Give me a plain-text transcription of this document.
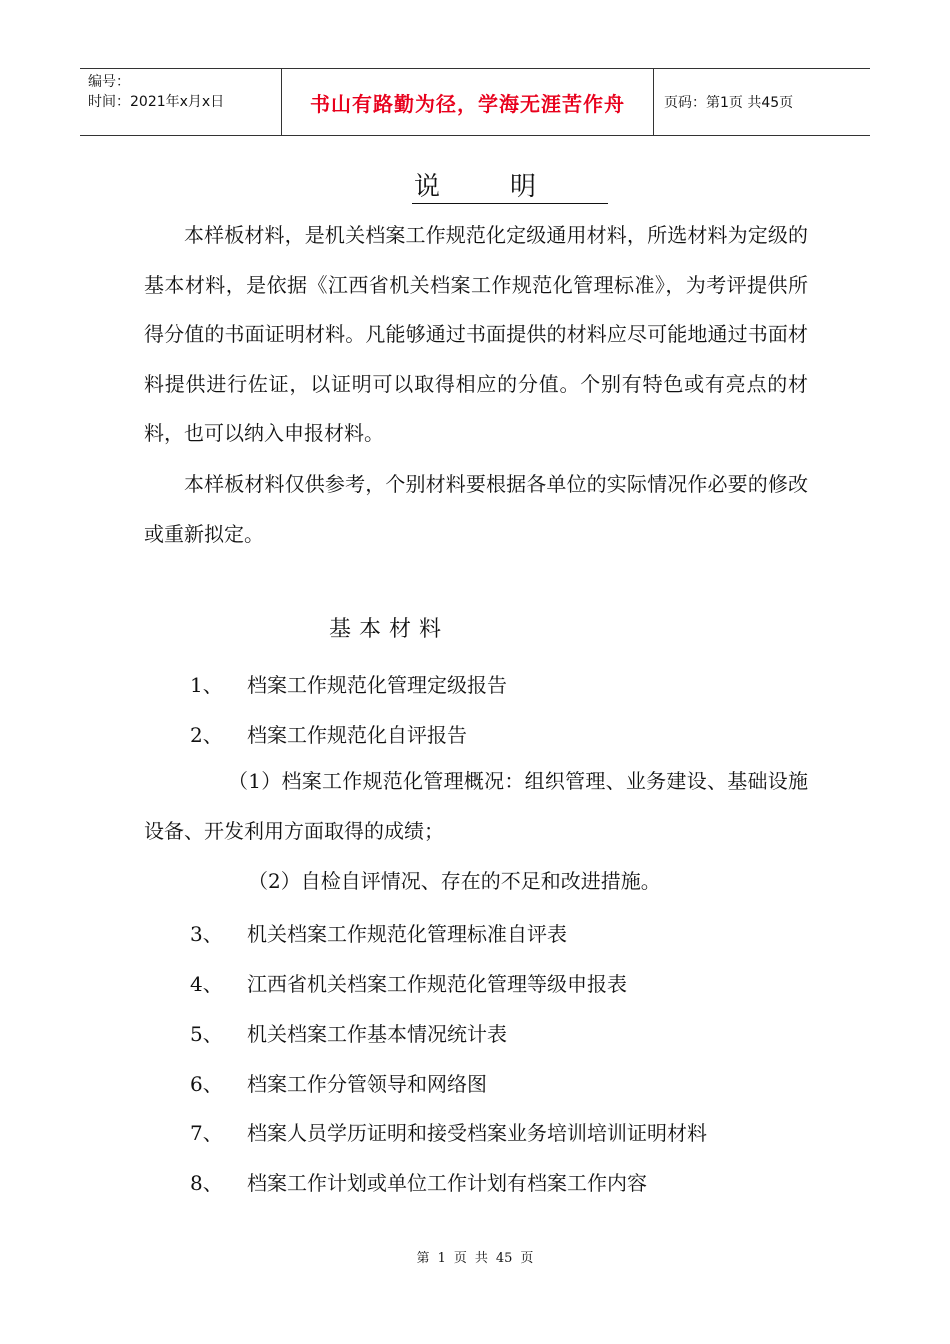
编号：
时间：2021年x月x日	书山有路勤为径，学海无涯苦作舟	页码：第1页 共45页
说明

本样板材料，是机关档案工作规范化定级通用材料，所选材料为定级的基本材料，是依据《江西省机关档案工作规范化管理标准》，为考评提供所得分值的书面证明材料。凡能够通过书面提供的材料应尽可能地通过书面材料提供进行佐证，以证明可以取得相应的分值。个别有特色或有亮点的材料，也可以纳入申报材料。

本样板材料仅供参考，个别材料要根据各单位的实际情况作必要的修改或重新拟定。

基本材料
1、 档案工作规范化管理定级报告
2、 档案工作规范化自评报告
（1）档案工作规范化管理概况：组织管理、业务建设、基础设施设备、开发利用方面取得的成绩；
（2）自检自评情况、存在的不足和改进措施。
3、 机关档案工作规范化管理标准自评表
4、 江西省机关档案工作规范化管理等级申报表
5、 机关档案工作基本情况统计表
6、 档案工作分管领导和网络图
7、 档案人员学历证明和接受档案业务培训培训证明材料
8、 档案工作计划或单位工作计划有档案工作内容
第 1 页 共 45 页
